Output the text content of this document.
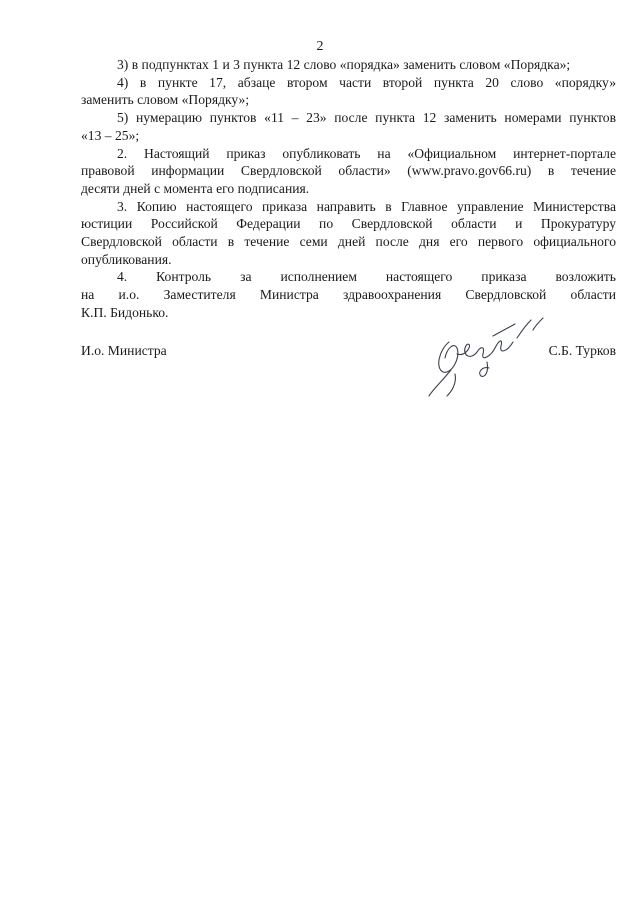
2

3) в подпунктах 1 и 3 пункта 12 слово «порядка» заменить словом «Порядка»;

4) в пункте 17, абзаце втором части второй пункта 20 слово «порядку»
заменить словом «Порядку»;

5) нумерацию пунктов «11 – 23» после пункта 12 заменить номерами пунктов
«13 – 25»;

2. Настоящий приказ опубликовать на «Официальном интернет-портале
правовой информации Свердловской области» (www.pravo.gov66.ru) в течение
десяти дней с момента его подписания.

3. Копию настоящего приказа направить в Главное управление Министерства
юстиции Российской Федерации по Свердловской области и Прокуратуру
Свердловской области в течение семи дней после дня его первого официального
опубликования.

4. Контроль за исполнением настоящего приказа возложить
на и.о. Заместителя Министра здравоохранения Свердловской области
К.П. Бидонько.

И.о. Министра	С.Б. Турков
